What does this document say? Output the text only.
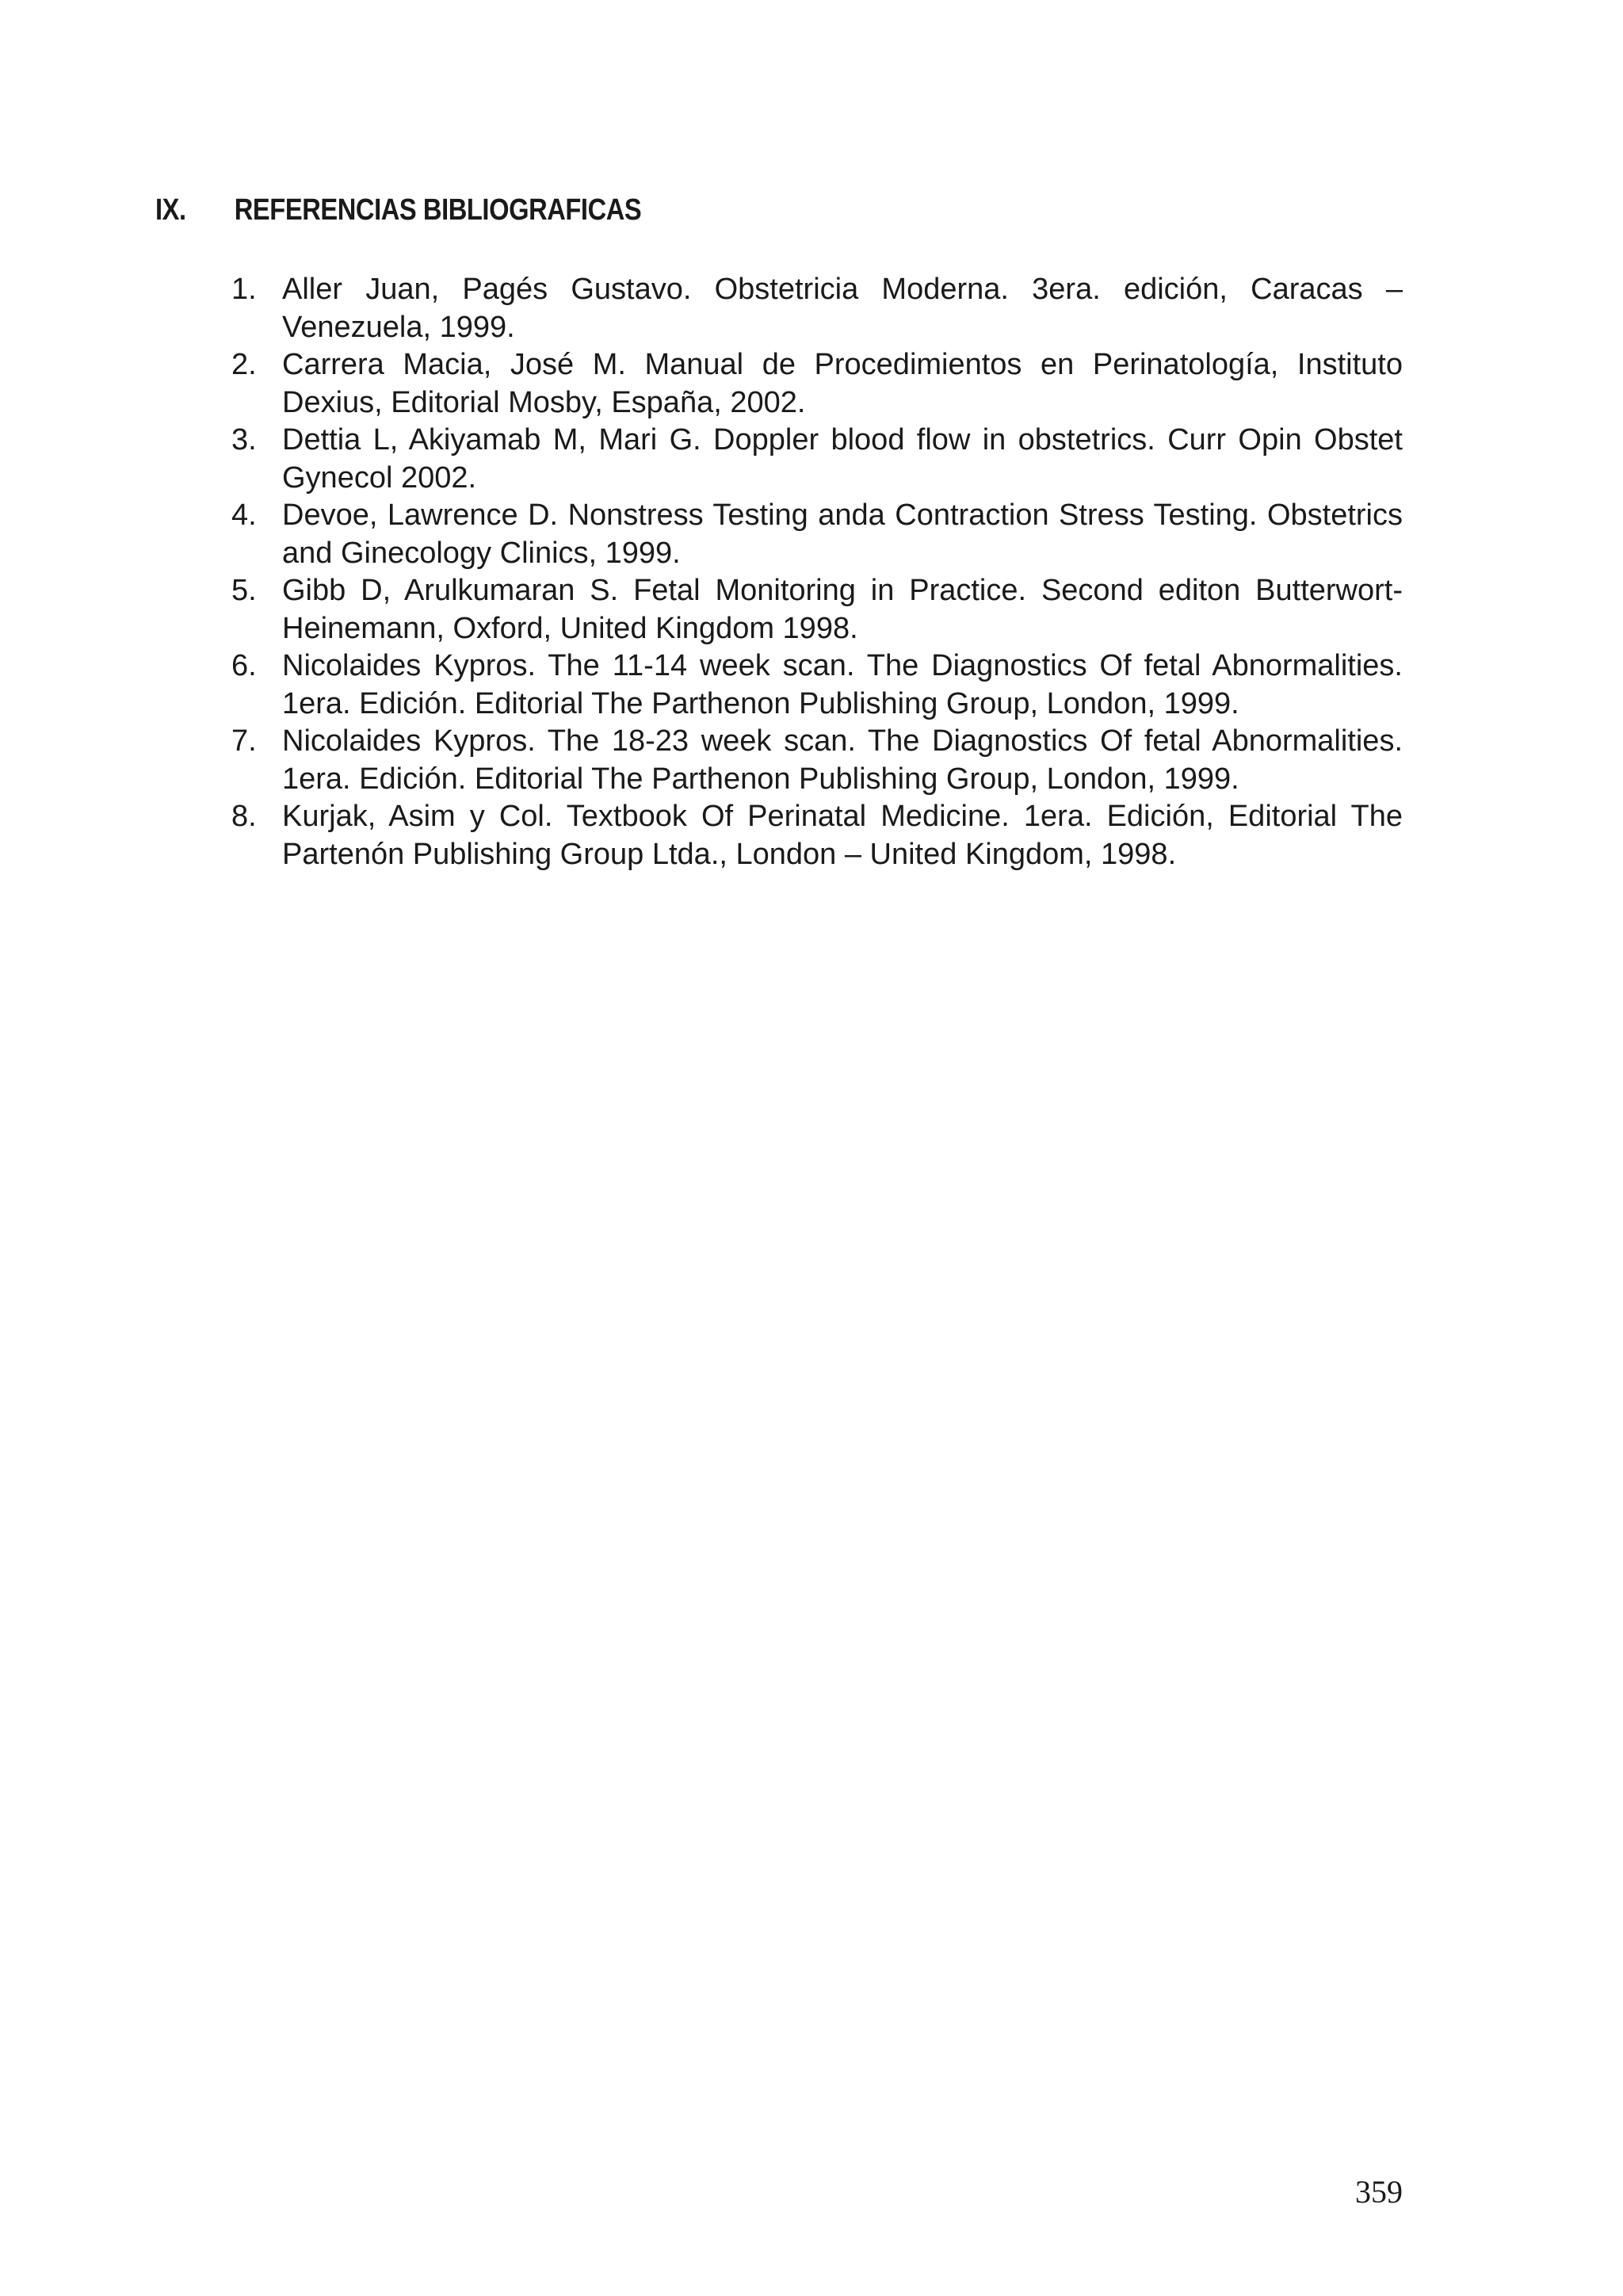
IX. REFERENCIAS BIBLIOGRAFICAS
1. Aller Juan, Pagés Gustavo. Obstetricia Moderna. 3era. edición, Caracas – Venezuela, 1999.
2. Carrera Macia, José M. Manual de Procedimientos en Perinatología, Instituto Dexius, Editorial Mosby, España, 2002.
3. Dettia L, Akiyamab M, Mari G. Doppler blood flow in obstetrics. Curr Opin Obstet Gynecol 2002.
4. Devoe, Lawrence D. Nonstress Testing anda Contraction Stress Testing. Obstetrics and Ginecology Clinics, 1999.
5. Gibb D, Arulkumaran S. Fetal Monitoring in Practice. Second editon Butterwort-Heinemann, Oxford, United Kingdom 1998.
6. Nicolaides Kypros. The 11-14 week scan. The Diagnostics Of fetal Abnormalities. 1era. Edición. Editorial The Parthenon Publishing Group, London, 1999.
7. Nicolaides Kypros. The 18-23 week scan. The Diagnostics Of fetal Abnormalities. 1era. Edición. Editorial The Parthenon Publishing Group, London, 1999.
8. Kurjak, Asim y Col. Textbook Of Perinatal Medicine. 1era. Edición, Editorial The Partenón Publishing Group Ltda., London – United Kingdom, 1998.
359
